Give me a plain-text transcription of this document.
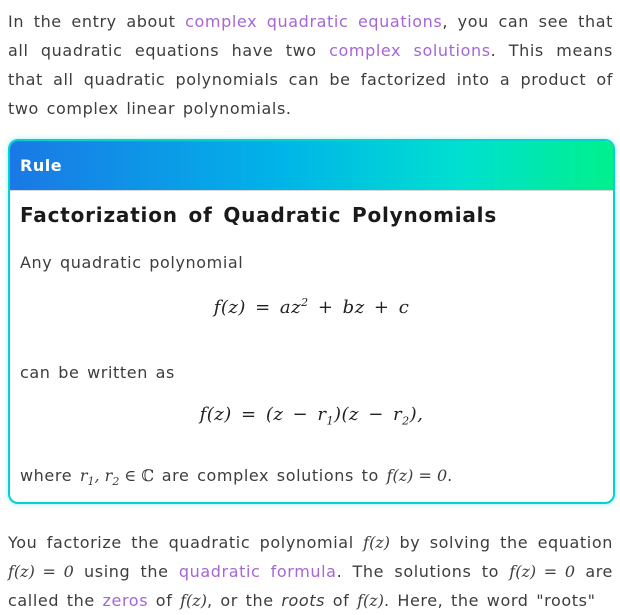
In the entry about complex quadratic equations, you can see that all quadratic equations have two complex solutions. This means that all quadratic polynomials can be factorized into a product of two complex linear polynomials.

Rule
Factorization of Quadratic Polynomials

Any quadratic polynomial

$f(z) = az^2$ + bz + c

can be written as

$f(z) = (z - r_1)(z - r_2)$,

where $r_1$, $r_2$ ∈ ℂ are complex solutions to f(z) = 0.

You factorize the quadratic polynomial f(z) by solving the equation f(z) = 0 using the quadratic formula. The solutions to f(z) = 0 are called the zeros of f(z), or the roots of f(z). Here, the word "roots"
